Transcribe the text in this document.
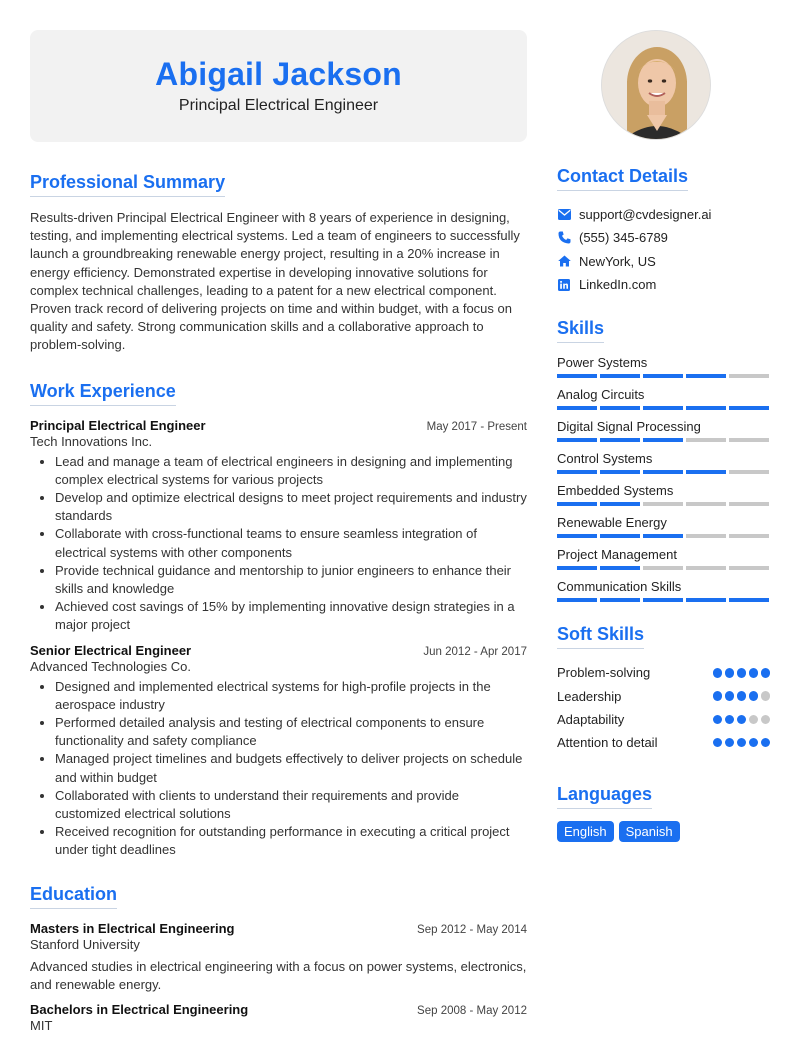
Abigail Jackson
Principal Electrical Engineer
Professional Summary

Results-driven Principal Electrical Engineer with 8 years of experience in designing, testing, and implementing electrical systems. Led a team of engineers to successfully launch a groundbreaking renewable energy project, resulting in a 20% increase in energy efficiency. Demonstrated expertise in developing innovative solutions for complex technical challenges, leading to a patent for a new electrical component. Proven track record of delivering projects on time and within budget, with a focus on quality and safety. Strong communication skills and a collaborative approach to problem-solving.

Work Experience
Principal Electrical Engineer	May 2017 - Present
Tech Innovations Inc.
• Lead and manage a team of electrical engineers in designing and implementing complex electrical systems for various projects
• Develop and optimize electrical designs to meet project requirements and industry standards
• Collaborate with cross-functional teams to ensure seamless integration of electrical systems with other components
• Provide technical guidance and mentorship to junior engineers to enhance their skills and knowledge
• Achieved cost savings of 15% by implementing innovative design strategies in a major project
Senior Electrical Engineer	Jun 2012 - Apr 2017
Advanced Technologies Co.
• Designed and implemented electrical systems for high-profile projects in the aerospace industry
• Performed detailed analysis and testing of electrical components to ensure functionality and safety compliance
• Managed project timelines and budgets effectively to deliver projects on schedule and within budget
• Collaborated with clients to understand their requirements and provide customized electrical solutions
• Received recognition for outstanding performance in executing a critical project under tight deadlines
Education
Masters in Electrical Engineering	Sep 2012 - May 2014
Stanford University
Advanced studies in electrical engineering with a focus on power systems, electronics, and renewable energy.
Bachelors in Electrical Engineering	Sep 2008 - May 2012
MIT
Contact Details
support@cvdesigner.ai
(555) 345-6789
NewYork, US
LinkedIn.com
Skills
Power Systems
Analog Circuits
Digital Signal Processing
Control Systems
Embedded Systems
Renewable Energy
Project Management
Communication Skills
Soft Skills
Problem-solving
Leadership
Adaptability
Attention to detail
Languages
English	Spanish
